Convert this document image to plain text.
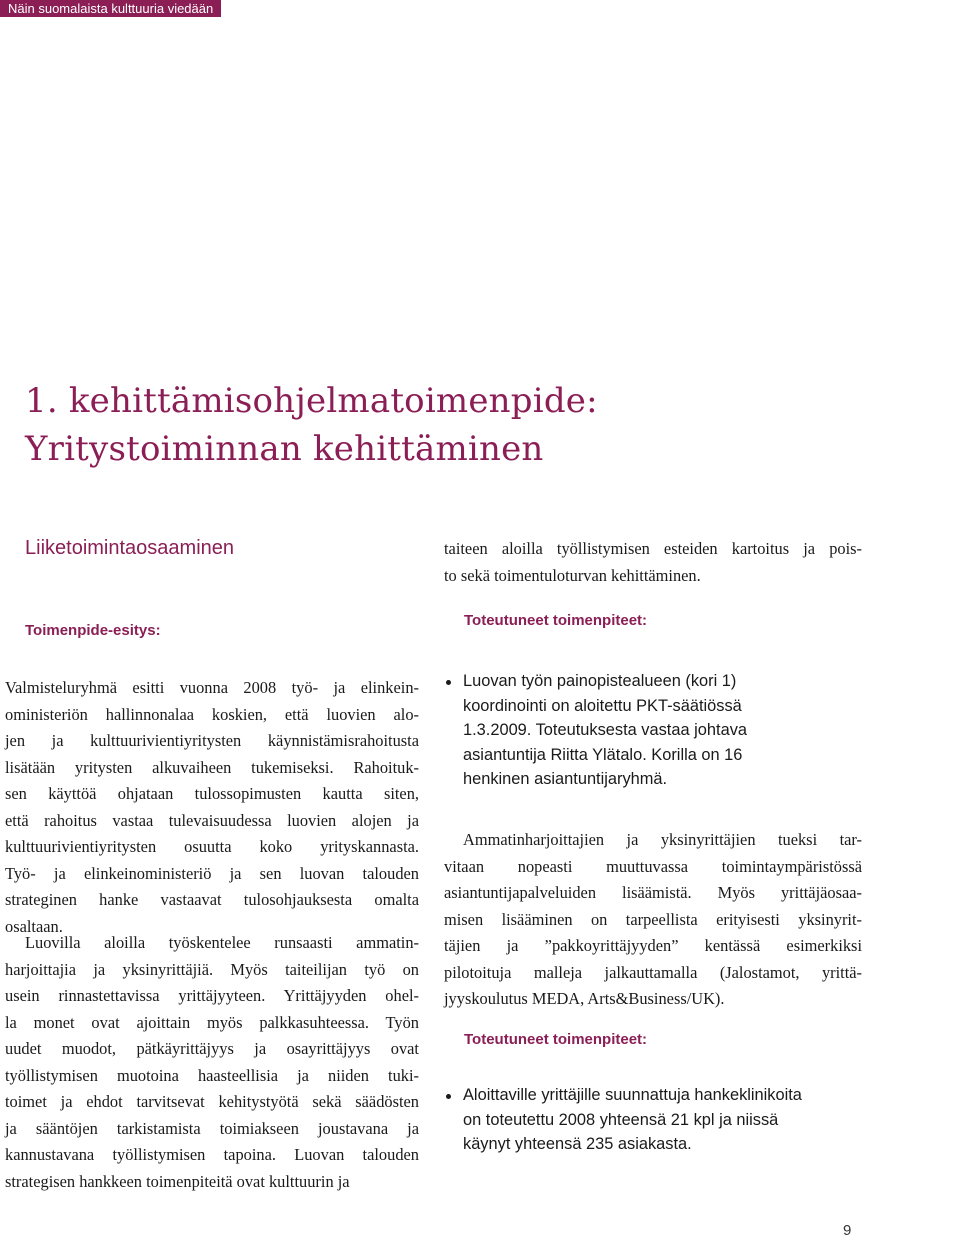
Näin suomalaista kulttuuria viedään
1. kehittämisohjelmatoimenpide:
Yritystoiminnan kehittäminen
Liiketoimintaosaaminen
Toimenpide-esitys:

Valmisteluryhmä esitti vuonna 2008 työ- ja elinkein-
oministeriön hallinnonalaa koskien, että luovien alo-
jen ja kulttuurivientiyritysten käynnistämisrahoitusta
lisätään yritysten alkuvaiheen tukemiseksi. Rahoituk-
sen käyttöä ohjataan tulossopimusten kautta siten,
että rahoitus vastaa tulevaisuudessa luovien alojen ja
kulttuurivientiyritysten osuutta koko yrityskannasta.
Työ- ja elinkeinoministeriö ja sen luovan talouden
strateginen hanke vastaavat tulosohjauksesta omalta
osaltaan.

Luovilla aloilla työskentelee runsaasti ammatin-
harjoittajia ja yksinyrittäjiä. Myös taiteilijan työ on
usein rinnastettavissa yrittäjyyteen. Yrittäjyyden ohel-
la monet ovat ajoittain myös palkkasuhteessa. Työn
uudet muodot, pätkäyrittäjyys ja osayrittäjyys ovat
työllistymisen muotoina haasteellisia ja niiden tuki-
toimet ja ehdot tarvitsevat kehitystyötä sekä säädösten
ja sääntöjen tarkistamista toimiakseen joustavana ja
kannustavana työllistymisen tapoina. Luovan talouden
strategisen hankkeen toimenpiteitä ovat kulttuurin ja

taiteen aloilla työllistymisen esteiden kartoitus ja pois-
to sekä toimentuloturvan kehittäminen.

Toteutuneet toimenpiteet:
Luovan työn painopistealueen (kori 1)
koordinointi on aloitettu PKT-säätiössä
1.3.2009. Toteutuksesta vastaa johtava
asiantuntija Riitta Ylätalo. Korilla on 16
henkinen asiantuntijaryhmä.

Ammatinharjoittajien ja yksinyrittäjien tueksi tar-
vitaan nopeasti muuttuvassa toimintaympäristössä
asiantuntijapalveluiden lisäämistä. Myös yrittäjäosaa-
misen lisääminen on tarpeellista erityisesti yksinyrit-
täjien ja ”pakkoyrittäjyyden” kentässä esimerkiksi
pilotoituja malleja jalkauttamalla (Jalostamot, yrittä-
jyyskoulutus MEDA, Arts&Business/UK).

Toteutuneet toimenpiteet:
Aloittaville yrittäjille suunnattuja hankeklinikoita
on toteutettu 2008 yhteensä 21 kpl ja niissä
käynyt yhteensä 235 asiakasta.
9
